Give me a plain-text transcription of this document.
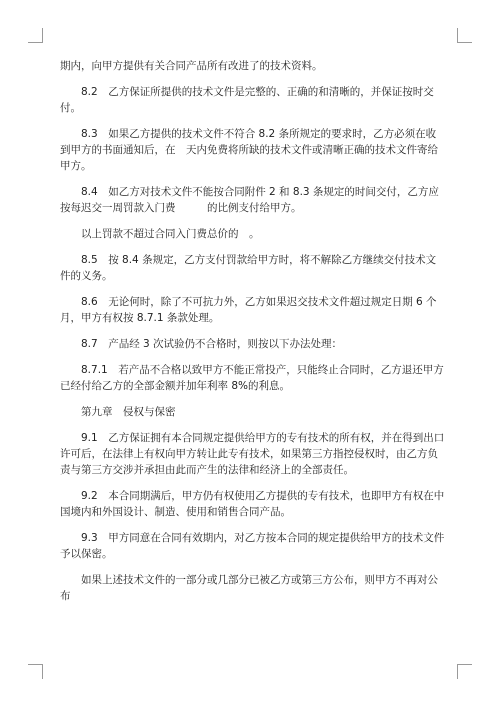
期内，向甲方提供有关合同产品所有改进了的技术资料。

8.2　乙方保证所提供的技术文件是完整的、正确的和清晰的，并保证按时交付。

8.3　如果乙方提供的技术文件不符合 8.2 条所规定的要求时，乙方必须在收到甲方的书面通知后，在　天内免费将所缺的技术文件或清晰正确的技术文件寄给甲方。

8.4　如乙方对技术文件不能按合同附件 2 和 8.3 条规定的时间交付，乙方应按每迟交一周罚款入门费　　　的比例支付给甲方。

以上罚款不超过合同入门费总价的　。

8.5　按 8.4 条规定，乙方支付罚款给甲方时，将不解除乙方继续交付技术文件的义务。

8.6　无论何时，除了不可抗力外，乙方如果迟交技术文件超过规定日期 6 个月，甲方有权按 8.7.1 条款处理。

8.7　产品经 3 次试验仍不合格时，则按以下办法处理：

8.7.1　若产品不合格以致甲方不能正常投产，只能终止合同时，乙方退还甲方已经付给乙方的全部金额并加年利率 8%的利息。

第九章　侵权与保密

9.1　乙方保证拥有本合同规定提供给甲方的专有技术的所有权，并在得到出口许可后，在法律上有权向甲方转让此专有技术，如果第三方指控侵权时，由乙方负责与第三方交涉并承担由此而产生的法律和经济上的全部责任。

9.2　本合同期满后，甲方仍有权使用乙方提供的专有技术，也即甲方有权在中国境内和外国设计、制造、使用和销售合同产品。

9.3　甲方同意在合同有效期内，对乙方按本合同的规定提供给甲方的技术文件予以保密。

如果上述技术文件的一部分或几部分已被乙方或第三方公布，则甲方不再对公布
